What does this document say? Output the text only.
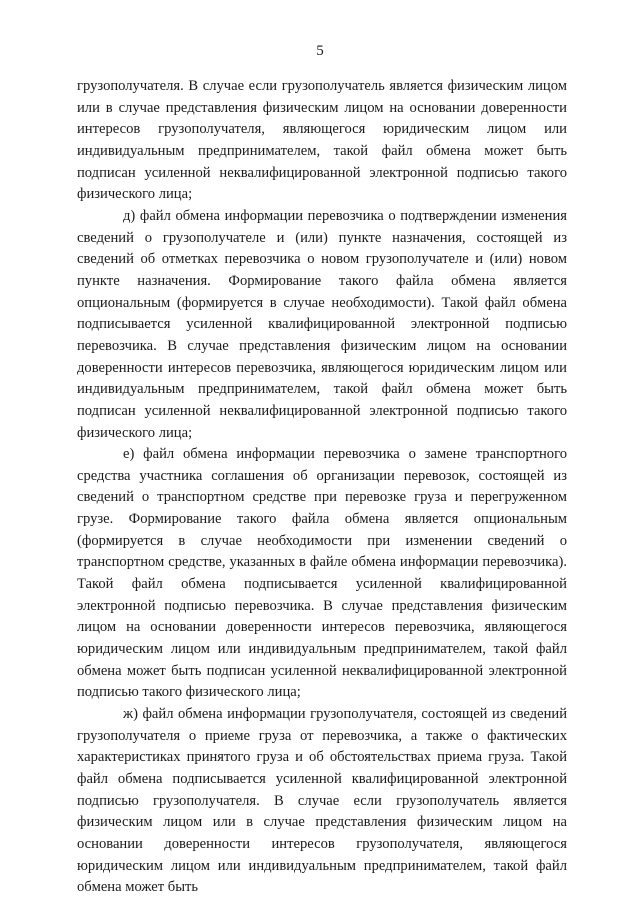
5

грузополучателя. В случае если грузополучатель является физическим лицом или в случае представления физическим лицом на основании доверенности интересов грузополучателя, являющегося юридическим лицом или индивидуальным предпринимателем, такой файл обмена может быть подписан усиленной неквалифицированной электронной подписью такого физического лица;

д) файл обмена информации перевозчика о подтверждении изменения сведений о грузополучателе и (или) пункте назначения, состоящей из сведений об отметках перевозчика о новом грузополучателе и (или) новом пункте назначения. Формирование такого файла обмена является опциональным (формируется в случае необходимости). Такой файл обмена подписывается усиленной квалифицированной электронной подписью перевозчика. В случае представления физическим лицом на основании доверенности интересов перевозчика, являющегося юридическим лицом или индивидуальным предпринимателем, такой файл обмена может быть подписан усиленной неквалифицированной электронной подписью такого физического лица;

е) файл обмена информации перевозчика о замене транспортного средства участника соглашения об организации перевозок, состоящей из сведений о транспортном средстве при перевозке груза и перегруженном грузе. Формирование такого файла обмена является опциональным (формируется в случае необходимости при изменении сведений о транспортном средстве, указанных в файле обмена информации перевозчика). Такой файл обмена подписывается усиленной квалифицированной электронной подписью перевозчика. В случае представления физическим лицом на основании доверенности интересов перевозчика, являющегося юридическим лицом или индивидуальным предпринимателем, такой файл обмена может быть подписан усиленной неквалифицированной электронной подписью такого физического лица;

ж) файл обмена информации грузополучателя, состоящей из сведений грузополучателя о приеме груза от перевозчика, а также о фактических характеристиках принятого груза и об обстоятельствах приема груза. Такой файл обмена подписывается усиленной квалифицированной электронной подписью грузополучателя. В случае если грузополучатель является физическим лицом или в случае представления физическим лицом на основании доверенности интересов грузополучателя, являющегося юридическим лицом или индивидуальным предпринимателем, такой файл обмена может быть
